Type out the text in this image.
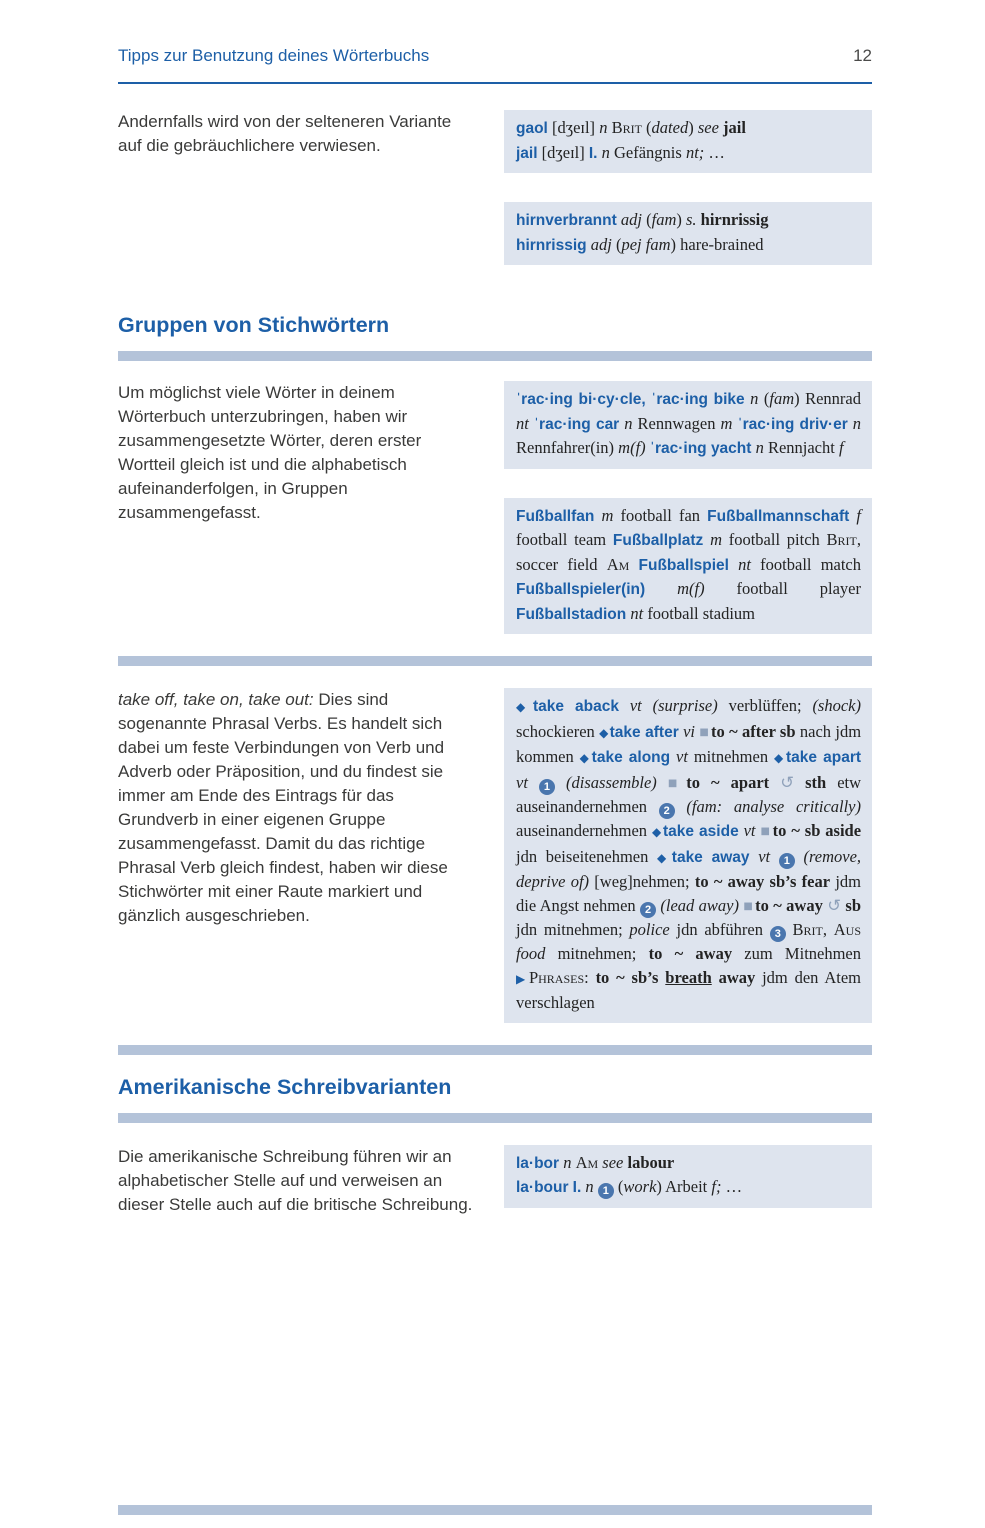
Tipps zur Benutzung deines Wörterbuchs	12

Andernfalls wird von der selteneren Variante auf die gebräuchlichere verwiesen.

gaol [dʒeɪl] n Brit (dated) see jail
jail [dʒeɪl] I. n Gefängnis nt; …
hirnverbrannt adj (fam) s. hirnrissig
hirnrissig adj (pej fam) hare-brained
Gruppen von Stichwörtern

Um möglichst viele Wörter in deinem Wörterbuch unterzubringen, haben wir zusammengesetzte Wörter, deren erster Wortteil gleich ist und die alphabetisch aufeinanderfolgen, in Gruppen zusammengefasst.

ˈrac·ing bi·cy·cle, ˈrac·ing bike n (fam) Rennrad nt ˈrac·ing car n Rennwagen m ˈrac·ing driv·er n Rennfahrer(in) m(f) ˈrac·ing yacht n Rennjacht f
Fußballfan m football fan Fußballmannschaft f football team Fußballplatz m football pitch Brit, soccer field Am Fußballspiel nt football match Fußballspieler(in) m(f) football player Fußballstadion nt football stadium

take off, take on, take out: Dies sind sogenannte Phrasal Verbs. Es handelt sich dabei um feste Verbindungen von Verb und Adverb oder Präposition, und du findest sie immer am Ende des Eintrags für das Grundverb in einer eigenen Gruppe zusammengefasst. Damit du das richtige Phrasal Verb gleich findest, haben wir diese Stichwörter mit einer Raute markiert und gänzlich ausgeschrieben.

◆take aback vt (surprise) verblüffen; (shock) schockieren ◆take after vi ■ to ~ after sb nach jdm kommen ◆take along vt mitnehmen ◆take apart vt 1 (disassemble) ■ to ~ apart ↺ sth etw auseinandernehmen 2 (fam: analyse critically) auseinandernehmen ◆take aside vt ■ to ~ sb aside jdn beiseitenehmen ◆take away vt 1 (remove, deprive of) [weg]nehmen; to ~ away sb’s fear jdm die Angst nehmen 2 (lead away) ■ to ~ away ↺ sb jdn mitnehmen; police jdn abführen 3 Brit, Aus food mitnehmen; to ~ away zum Mitnehmen ▶Phrases: to ~ sb’s breath away jdm den Atem verschlagen
Amerikanische Schreibvarianten

Die amerikanische Schreibung führen wir an alphabetischer Stelle auf und verweisen an dieser Stelle auch auf die britische Schreibung.

la·bor n Am see labour
la·bour I. n 1 (work) Arbeit f; …
